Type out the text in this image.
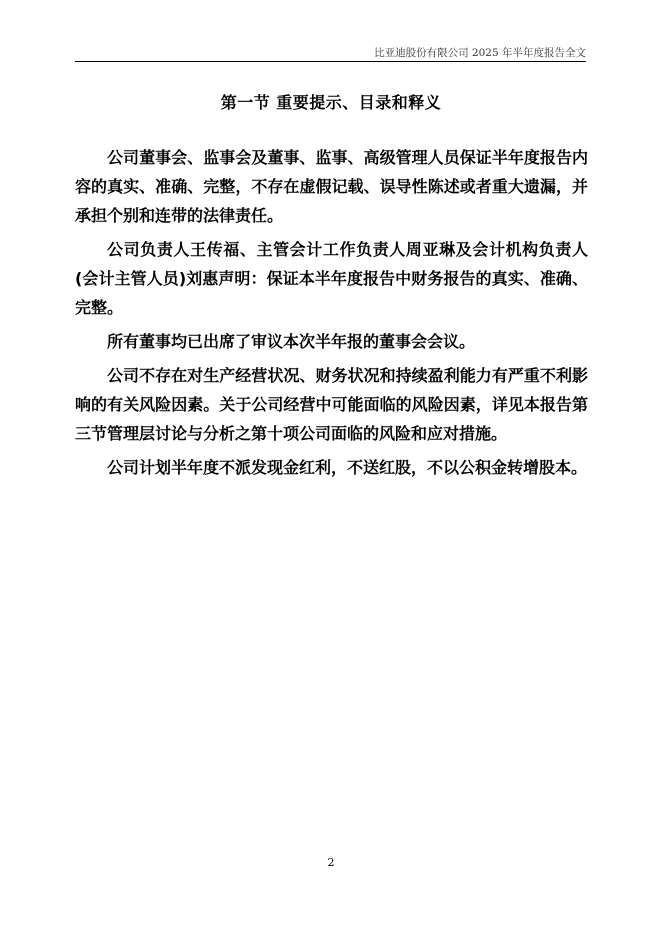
比亚迪股份有限公司 2025 年半年度报告全文
第一节 重要提示、目录和释义

公司董事会、监事会及董事、监事、高级管理人员保证半年度报告内容的真实、准确、完整，不存在虚假记载、误导性陈述或者重大遗漏，并承担个别和连带的法律责任。

公司负责人王传福、主管会计工作负责人周亚琳及会计机构负责人(会计主管人员)刘惠声明：保证本半年度报告中财务报告的真实、准确、完整。

所有董事均已出席了审议本次半年报的董事会会议。

公司不存在对生产经营状况、财务状况和持续盈利能力有严重不利影响的有关风险因素。关于公司经营中可能面临的风险因素，详见本报告第三节管理层讨论与分析之第十项公司面临的风险和应对措施。

公司计划半年度不派发现金红利，不送红股，不以公积金转增股本。

2
